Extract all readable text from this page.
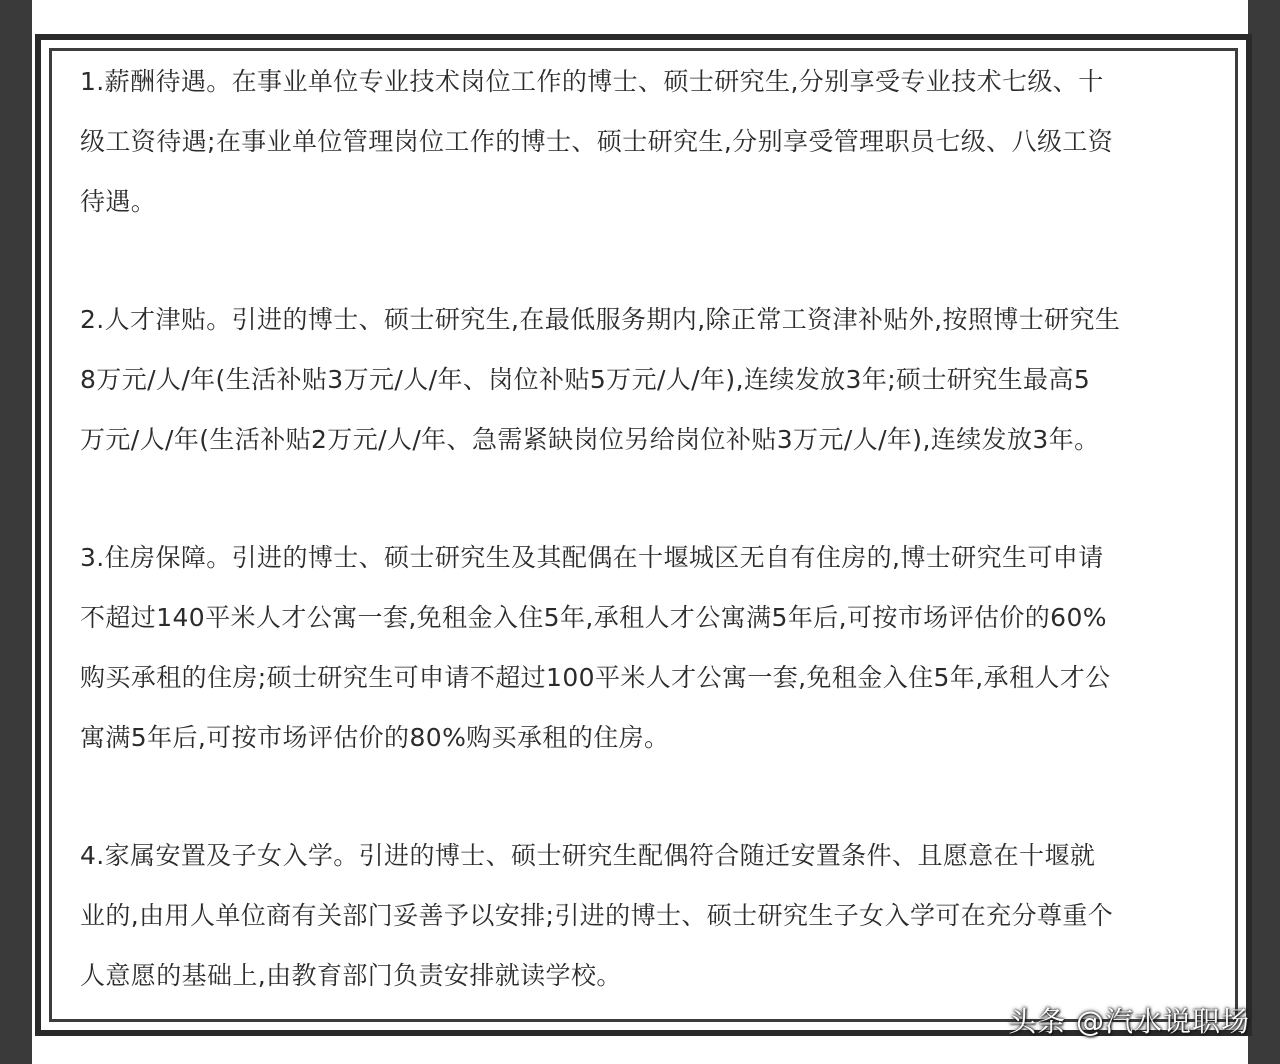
1.薪酬待遇。在事业单位专业技术岗位工作的博士、硕士研究生,分别享受专业技术七级、十
级工资待遇;在事业单位管理岗位工作的博士、硕士研究生,分别享受管理职员七级、八级工资
待遇。
2.人才津贴。引进的博士、硕士研究生,在最低服务期内,除正常工资津补贴外,按照博士研究生
8万元/人/年(生活补贴3万元/人/年、岗位补贴5万元/人/年),连续发放3年;硕士研究生最高5
万元/人/年(生活补贴2万元/人/年、急需紧缺岗位另给岗位补贴3万元/人/年),连续发放3年。
3.住房保障。引进的博士、硕士研究生及其配偶在十堰城区无自有住房的,博士研究生可申请
不超过140平米人才公寓一套,免租金入住5年,承租人才公寓满5年后,可按市场评估价的60%
购买承租的住房;硕士研究生可申请不超过100平米人才公寓一套,免租金入住5年,承租人才公
寓满5年后,可按市场评估价的80%购买承租的住房。
4.家属安置及子女入学。引进的博士、硕士研究生配偶符合随迁安置条件、且愿意在十堰就
业的,由用人单位商有关部门妥善予以安排;引进的博士、硕士研究生子女入学可在充分尊重个
人意愿的基础上,由教育部门负责安排就读学校。
头条 @汽水说职场
